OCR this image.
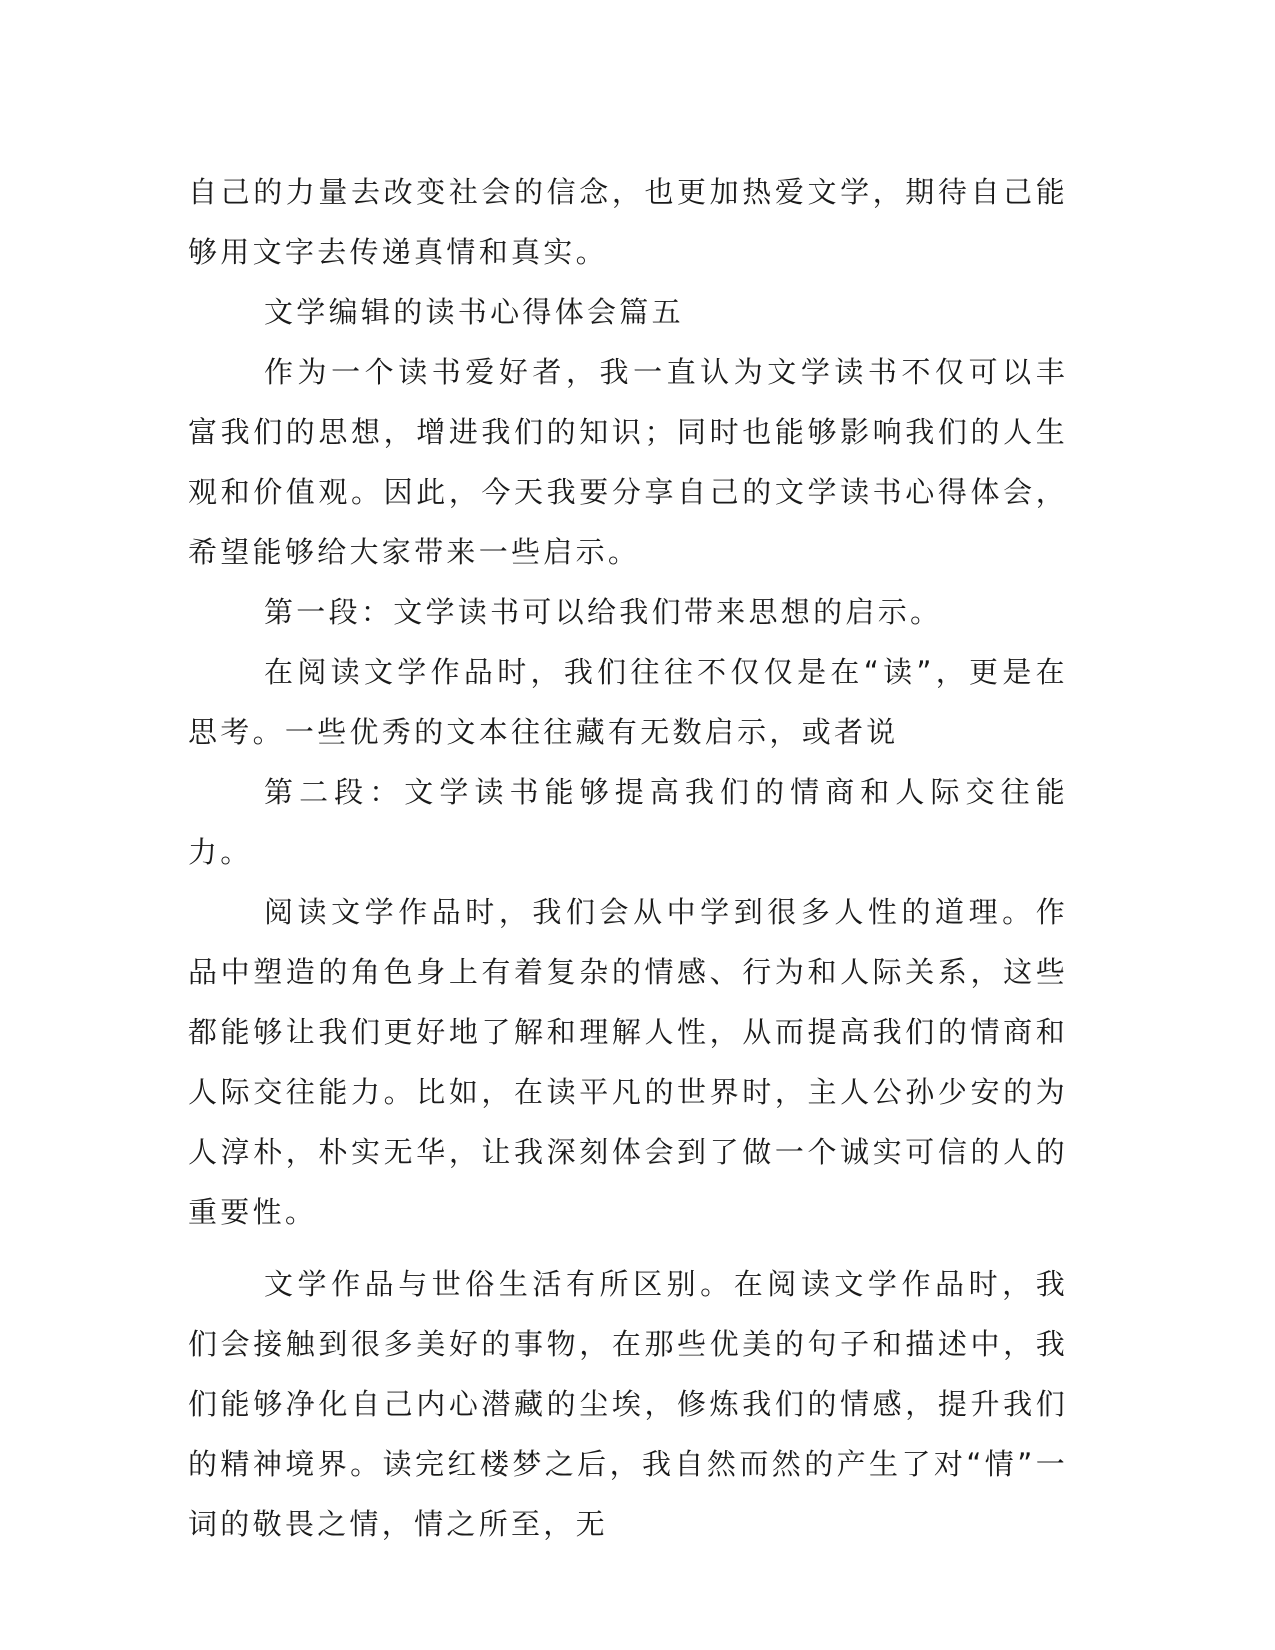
自己的力量去改变社会的信念，也更加热爱文学，期待自己能够用文字去传递真情和真实。

文学编辑的读书心得体会篇五

作为一个读书爱好者，我一直认为文学读书不仅可以丰富我们的思想，增进我们的知识；同时也能够影响我们的人生观和价值观。因此，今天我要分享自己的文学读书心得体会，希望能够给大家带来一些启示。

第一段：文学读书可以给我们带来思想的启示。

在阅读文学作品时，我们往往不仅仅是在“读”，更是在思考。一些优秀的文本往往藏有无数启示，或者说

第二段：文学读书能够提高我们的情商和人际交往能力。

阅读文学作品时，我们会从中学到很多人性的道理。作品中塑造的角色身上有着复杂的情感、行为和人际关系，这些都能够让我们更好地了解和理解人性，从而提高我们的情商和人际交往能力。比如，在读平凡的世界时，主人公孙少安的为人淳朴，朴实无华，让我深刻体会到了做一个诚实可信的人的重要性。

文学作品与世俗生活有所区别。在阅读文学作品时，我们会接触到很多美好的事物，在那些优美的句子和描述中，我们能够净化自己内心潜藏的尘埃，修炼我们的情感，提升我们的精神境界。读完红楼梦之后，我自然而然的产生了对“情”一词的敬畏之情，情之所至，无
